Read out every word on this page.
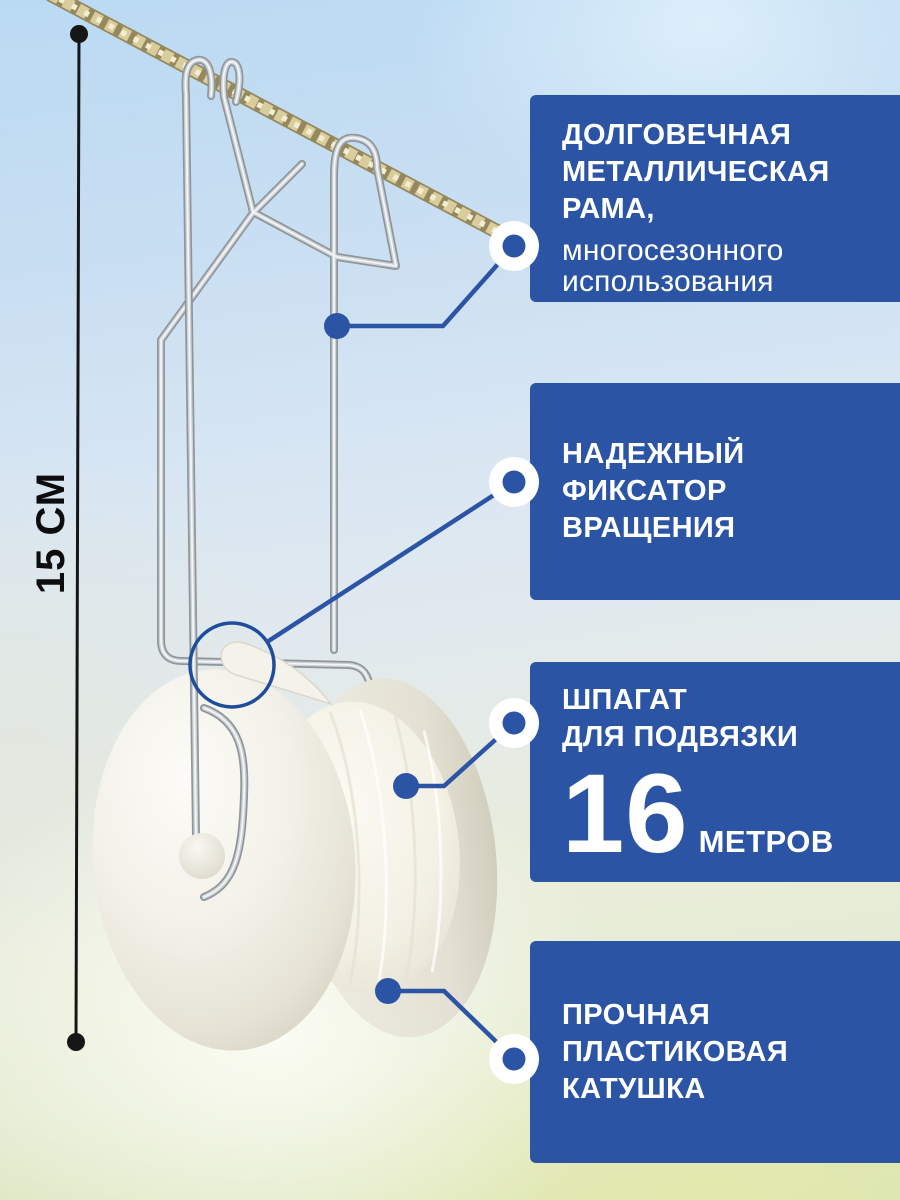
15 СМ
ДОЛГОВЕЧНАЯ
МЕТАЛЛИЧЕСКАЯ
РАМА,
многосезонного
использования
НАДЕЖНЫЙ
ФИКСАТОР
ВРАЩЕНИЯ
ШПАГАТ
ДЛЯ ПОДВЯЗКИ
16 МЕТРОВ
ПРОЧНАЯ
ПЛАСТИКОВАЯ
КАТУШКА
